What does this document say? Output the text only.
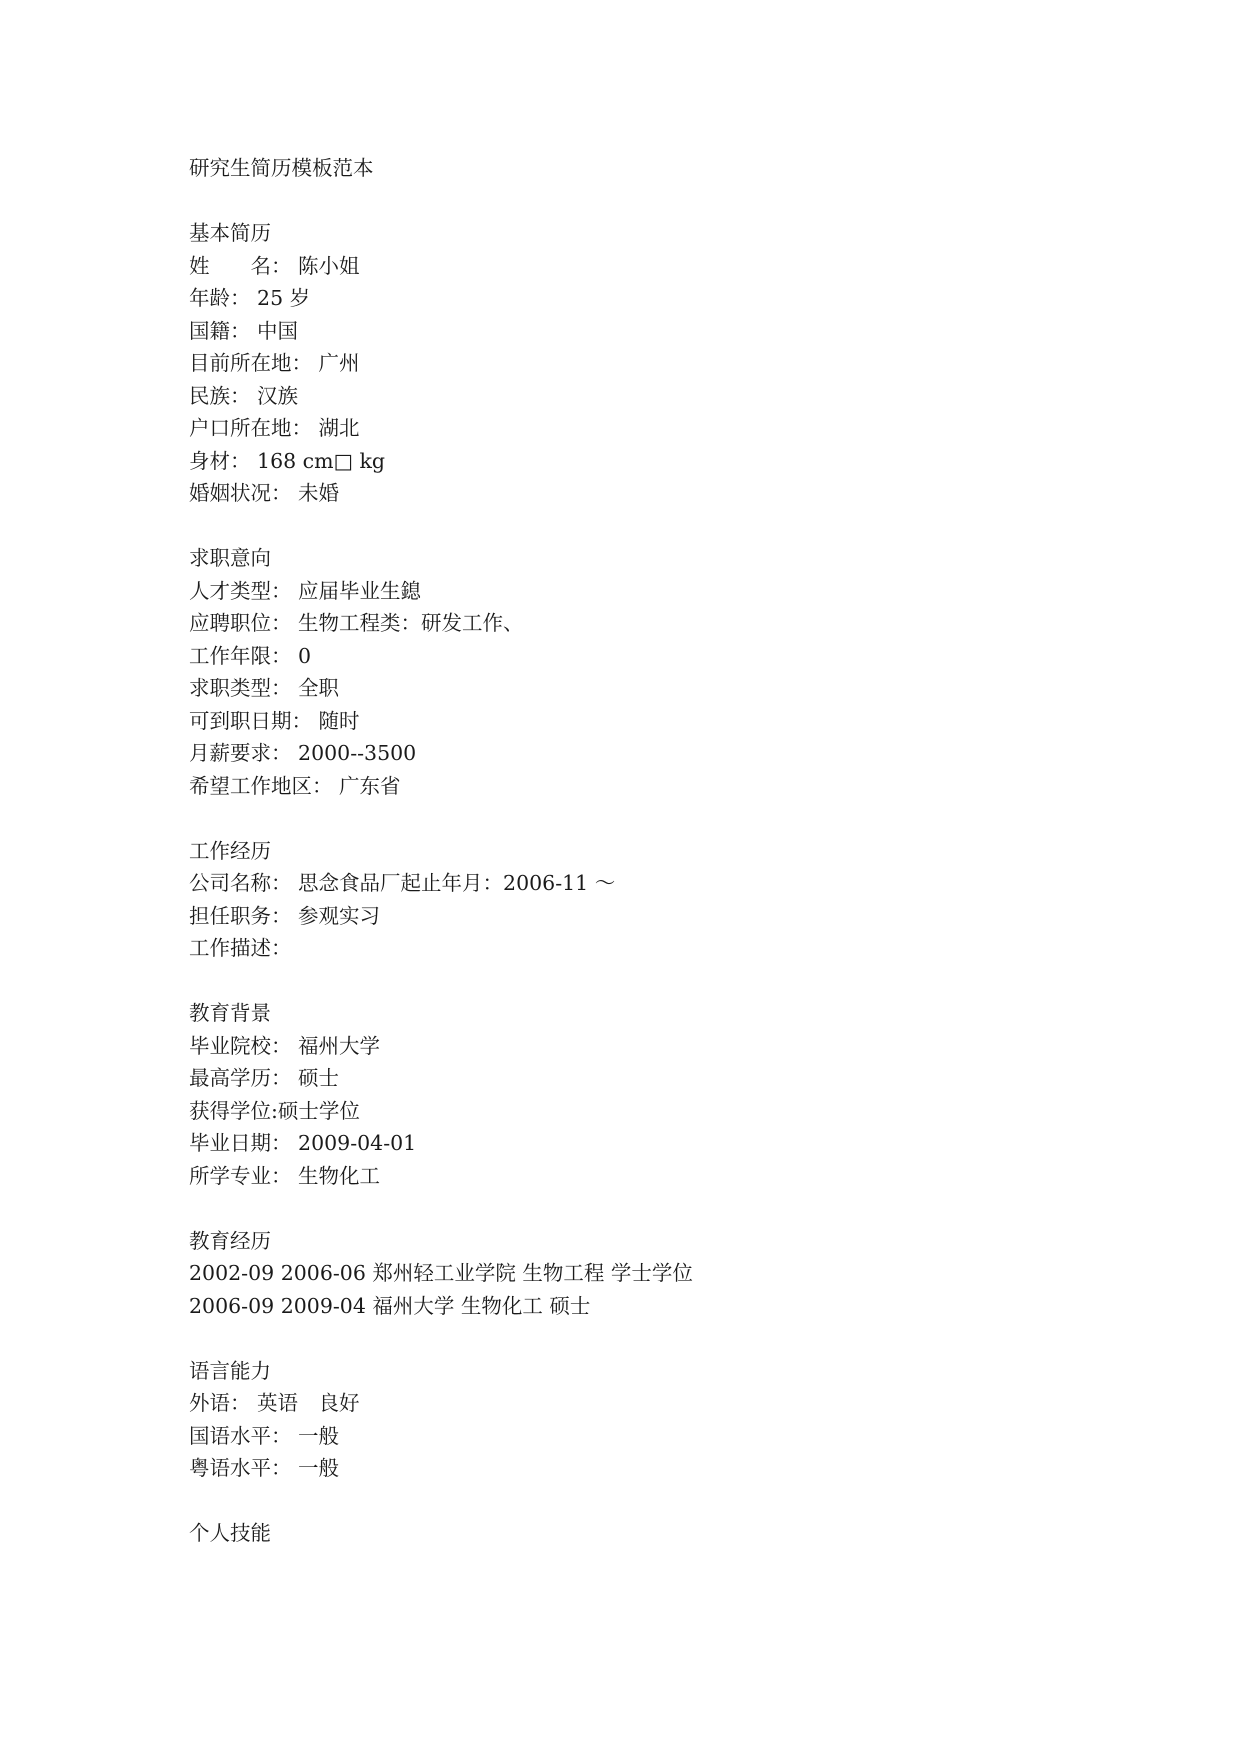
研究生简历模板范本
基本简历
姓　　名： 陈小姐
年龄： 25 岁
国籍： 中国
目前所在地： 广州
民族： 汉族
户口所在地： 湖北
身材： 168 cm□ kg
婚姻状况： 未婚
求职意向
人才类型： 应届毕业生鎴
应聘职位： 生物工程类：研发工作、
工作年限： 0
求职类型： 全职
可到职日期： 随时
月薪要求： 2000--3500
希望工作地区： 广东省
工作经历
公司名称： 思念食品厂起止年月：2006-11 ～
担任职务： 参观实习
工作描述：
教育背景
毕业院校： 福州大学
最高学历： 硕士
获得学位:硕士学位
毕业日期： 2009-04-01
所学专业： 生物化工
教育经历
2002-09 2006-06 郑州轻工业学院 生物工程 学士学位
2006-09 2009-04 福州大学 生物化工 硕士
语言能力
外语： 英语　良好
国语水平： 一般
粤语水平： 一般
个人技能
